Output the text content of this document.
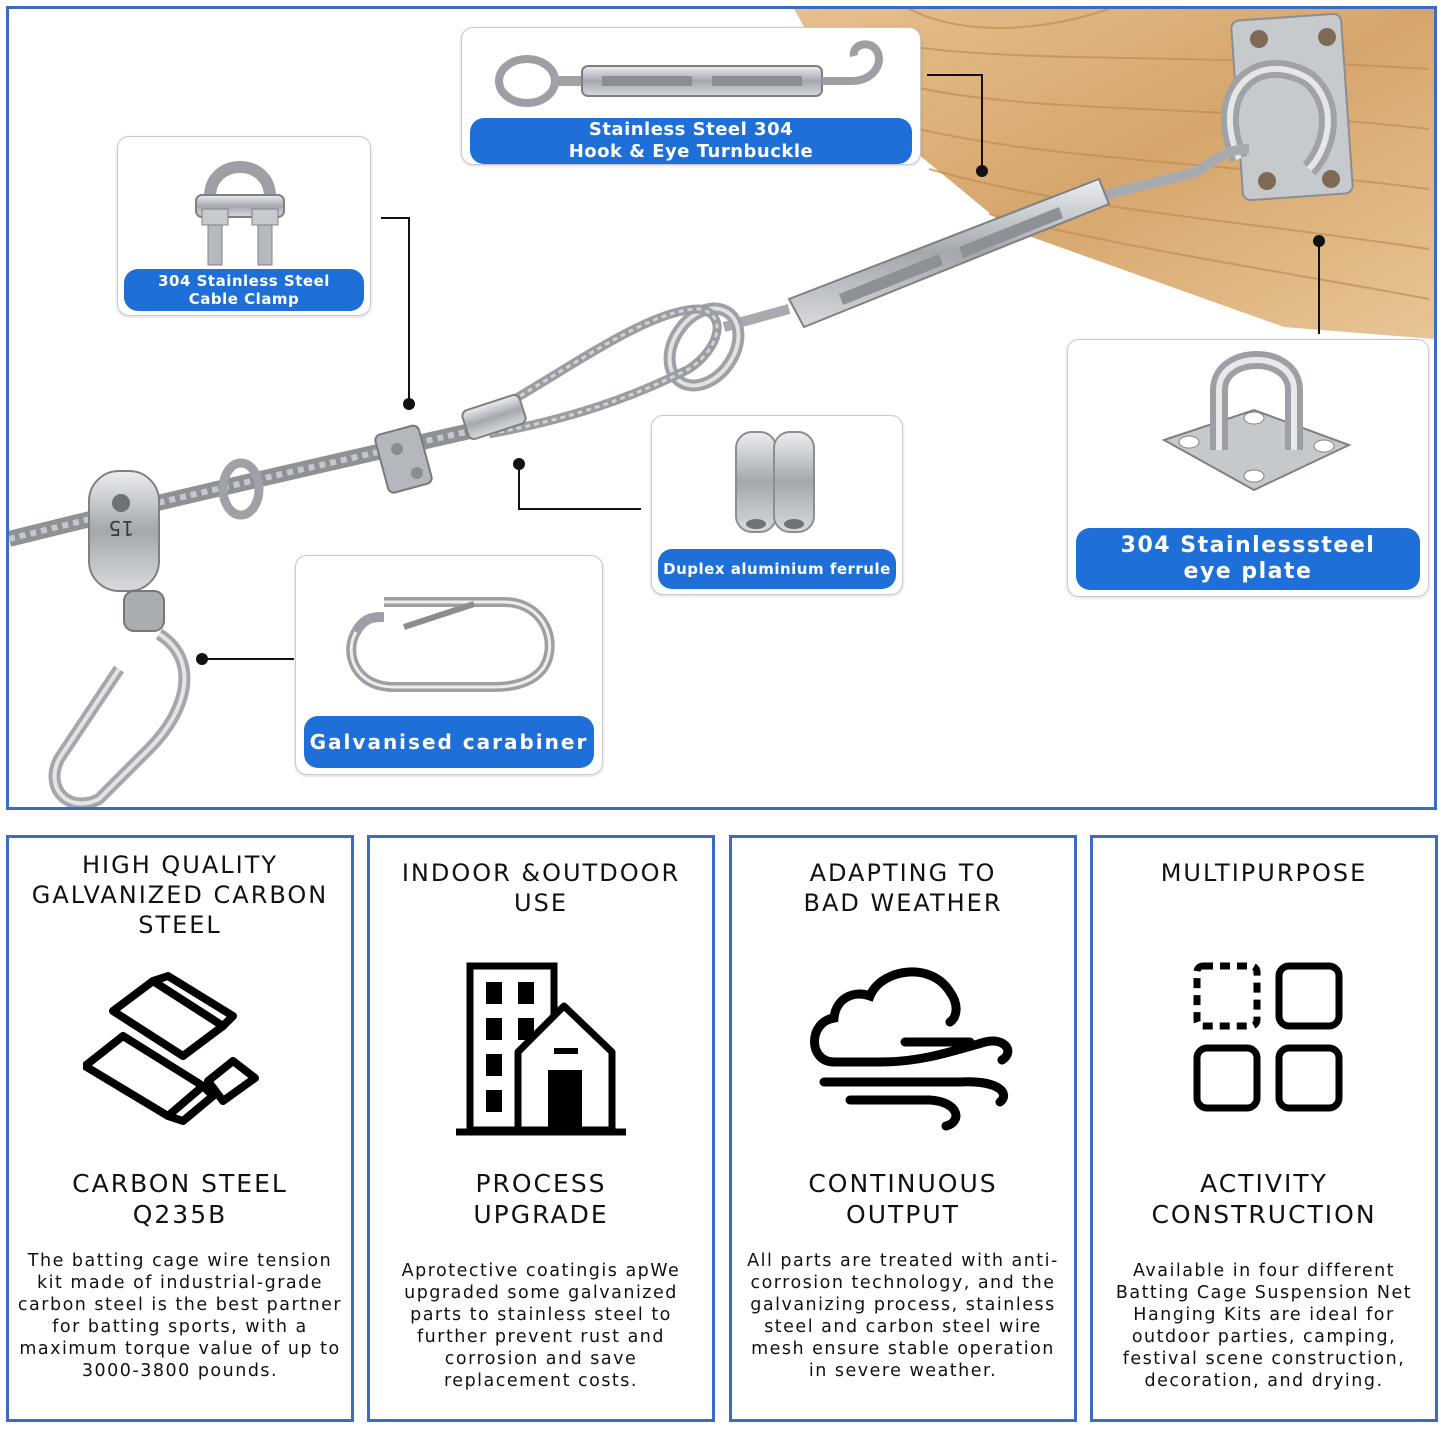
15
Stainless Steel 304
Hook & Eye Turnbuckle
304 Stainless Steel
Cable Clamp
Duplex aluminium ferrule
304 Stainlesssteel
eye plate
Galvanised carabiner
HIGH QUALITY
GALVANIZED CARBON
STEEL
CARBON STEEL
Q235B
The batting cage wire tension kit made of industrial-grade carbon steel is the best partner for batting sports, with a maximum torque value of up to 3000-3800 pounds.
INDOOR &OUTDOOR
USE
PROCESS
UPGRADE
Aprotective coatingis apWe upgraded some galvanized parts to stainless steel to further prevent rust and corrosion and save replacement costs.
ADAPTING TO
BAD WEATHER
CONTINUOUS
OUTPUT
All parts are treated with anti-corrosion technology, and the galvanizing process, stainless steel and carbon steel wire mesh ensure stable operation in severe weather.
MULTIPURPOSE
ACTIVITY
CONSTRUCTION
Available in four different Batting Cage Suspension Net Hanging Kits are ideal for outdoor parties, camping, festival scene construction, decoration, and drying.
